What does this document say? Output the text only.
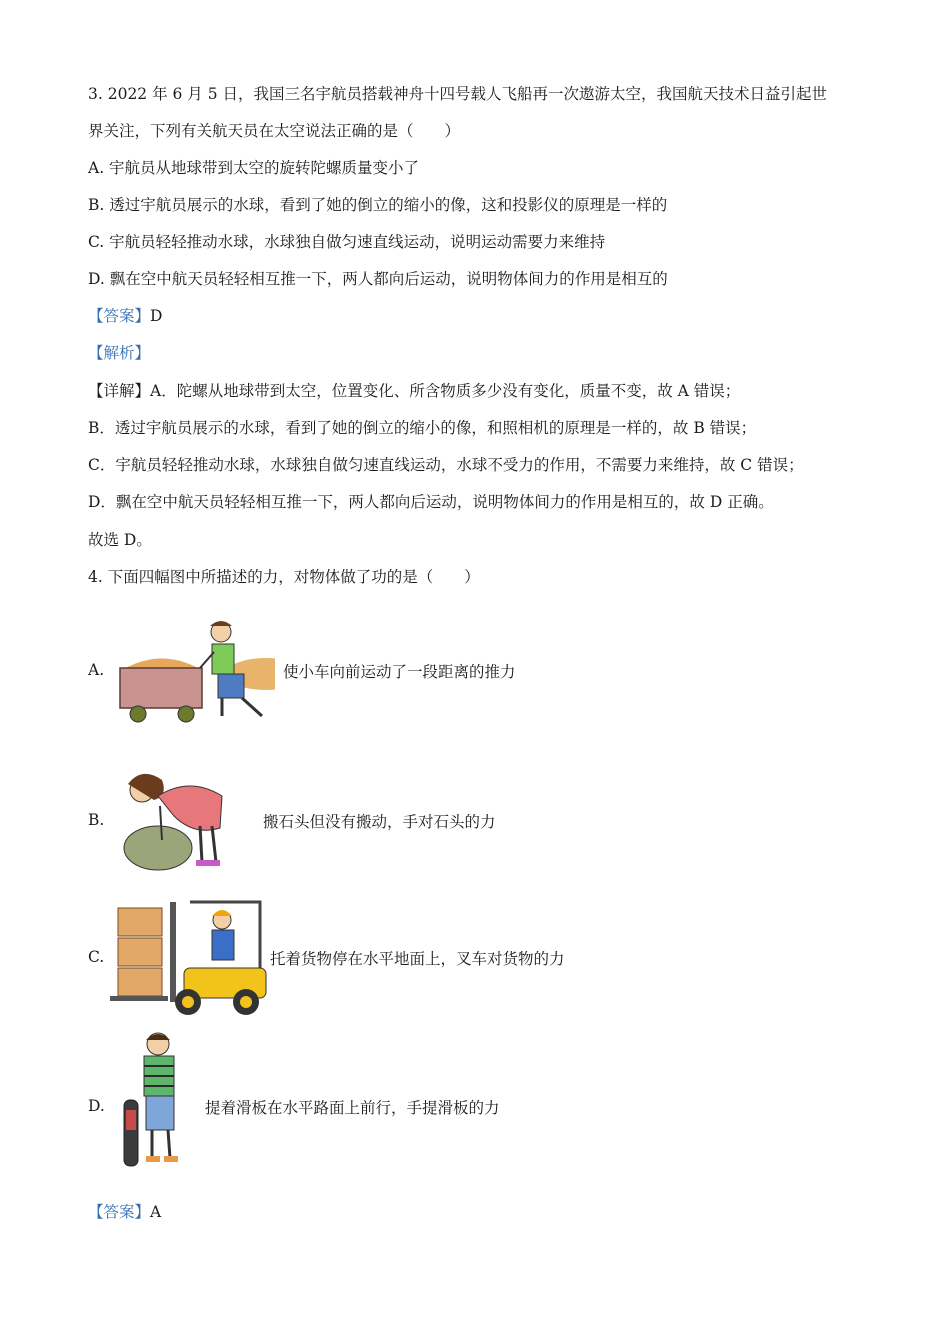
3. 2022 年 6 月 5 日，我国三名宇航员搭载神舟十四号载人飞船再一次遨游太空，我国航天技术日益引起世
界关注，下列有关航天员在太空说法正确的是（　　）
A. 宇航员从地球带到太空的旋转陀螺质量变小了
B. 透过宇航员展示的水球，看到了她的倒立的缩小的像，这和投影仪的原理是一样的
C. 宇航员轻轻推动水球，水球独自做匀速直线运动，说明运动需要力来维持
D. 飘在空中航天员轻轻相互推一下，两人都向后运动，说明物体间力的作用是相互的
【答案】D
【解析】
【详解】A．陀螺从地球带到太空，位置变化、所含物质多少没有变化，质量不变，故 A 错误；
B．透过宇航员展示的水球，看到了她的倒立的缩小的像，和照相机的原理是一样的，故 B 错误；
C．宇航员轻轻推动水球，水球独自做匀速直线运动，水球不受力的作用，不需要力来维持，故 C 错误；
D．飘在空中航天员轻轻相互推一下，两人都向后运动，说明物体间力的作用是相互的，故 D 正确。
故选 D。
4. 下面四幅图中所描述的力，对物体做了功的是（　　）
A.	使小车向前运动了一段距离的推力
B.	搬石头但没有搬动，手对石头的力
C.	托着货物停在水平地面上，叉车对货物的力
D.	提着滑板在水平路面上前行，手提滑板的力
【答案】A
